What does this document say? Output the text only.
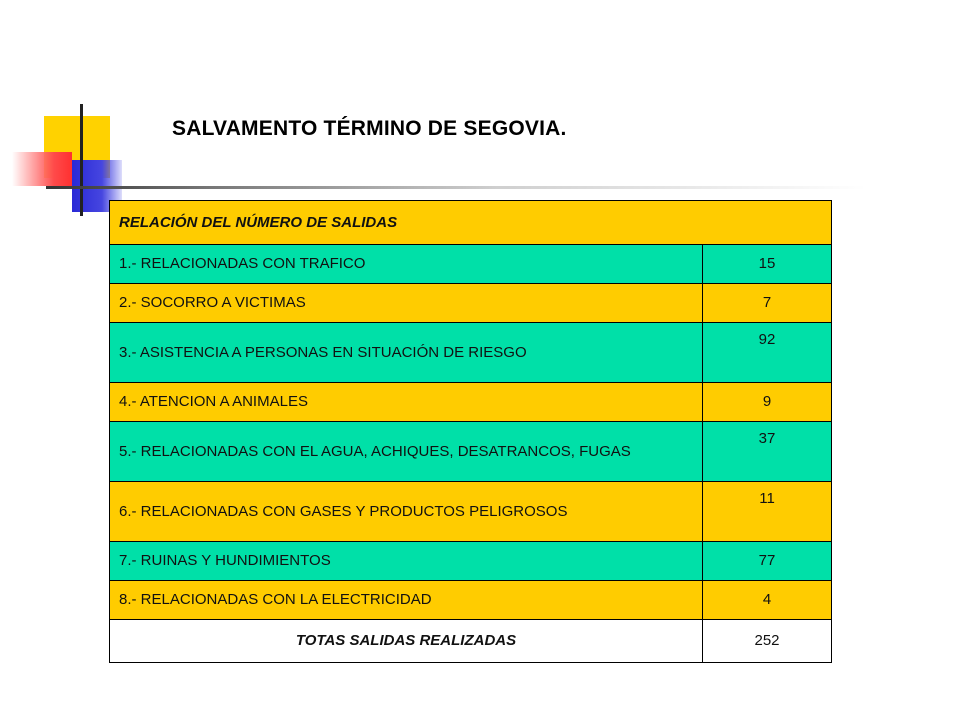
SALVAMENTO TÉRMINO DE SEGOVIA.
RELACIÓN DEL NÚMERO DE SALIDAS	
1.- RELACIONADAS CON TRAFICO	15
2.- SOCORRO A VICTIMAS	7
3.- ASISTENCIA A PERSONAS EN SITUACIÓN DE RIESGO	92
4.- ATENCION A ANIMALES	9
5.- RELACIONADAS CON EL AGUA, ACHIQUES, DESATRANCOS, FUGAS	37
6.- RELACIONADAS CON GASES Y PRODUCTOS PELIGROSOS	11
7.- RUINAS Y HUNDIMIENTOS	77
8.- RELACIONADAS CON LA ELECTRICIDAD	4
TOTAS SALIDAS REALIZADAS	252
